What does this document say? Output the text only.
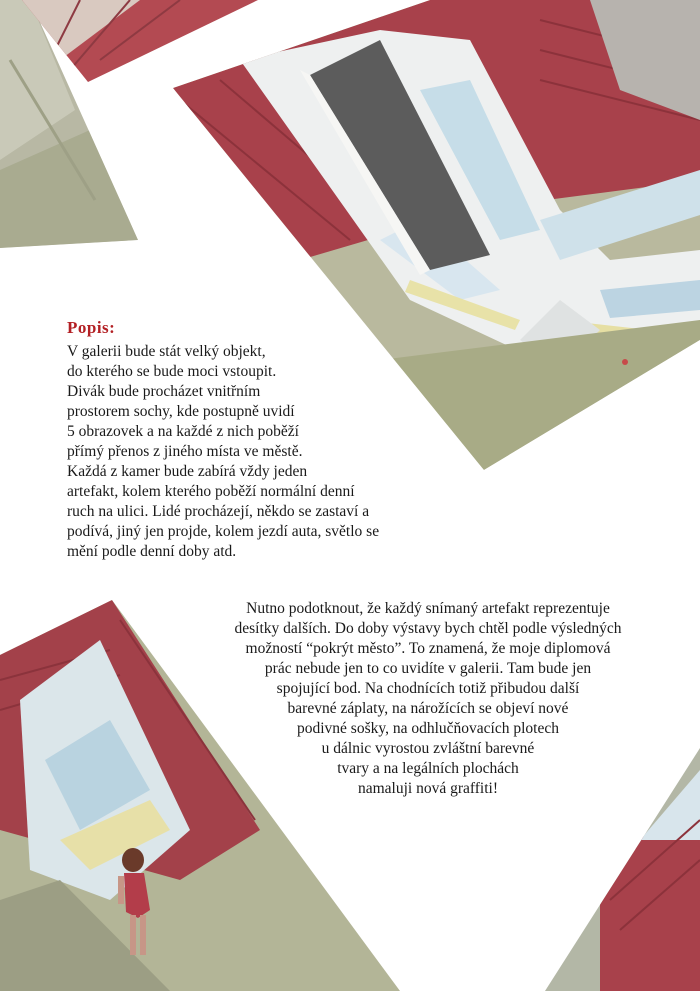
Popis:

V galerii bude stát velký objekt,
do kterého se bude moci vstoupit.
Divák bude procházet vnitřním
prostorem sochy, kde postupně uvidí
5 obrazovek a na každé z nich poběží
přímý přenos z jiného místa ve městě.
Každá z kamer bude zabírá vždy jeden
artefakt, kolem kterého poběží normální denní
ruch na ulici. Lidé procházejí, někdo se zastaví a
podívá, jiný jen projde, kolem jezdí auta, světlo se
mění podle denní doby atd.

Nutno podotknout, že každý snímaný artefakt reprezentuje
desítky dalších. Do doby výstavy bych chtěl podle výsledných
možností “pokrýt město”. To znamená, že moje diplomová
prác nebude jen to co uvidíte v galerii. Tam bude jen
spojující bod. Na chodnících totiž přibudou další
barevné záplaty, na nárožících se objeví nové
podivné sošky, na odhlučňovacích plotech
u dálnic vyrostou zvláštní barevné
tvary a na legálních plochách
namaluji nová graffiti!
